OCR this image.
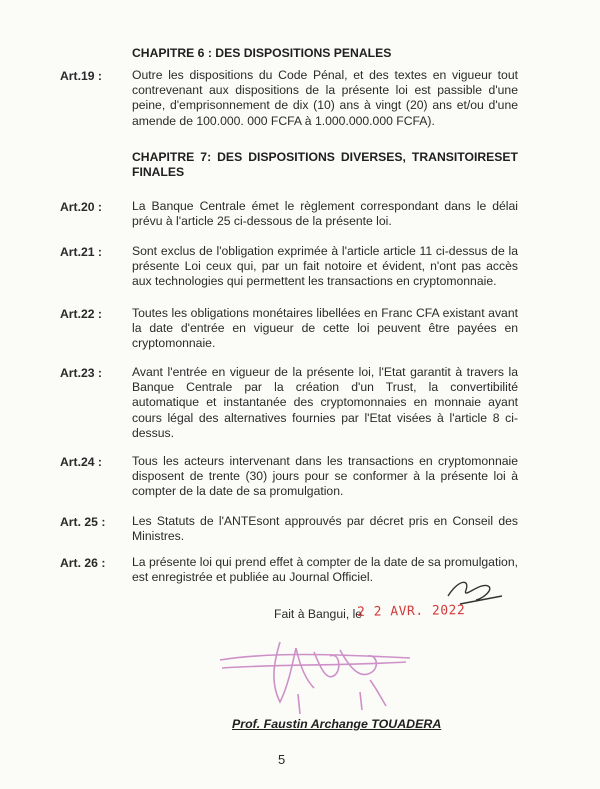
CHAPITRE 6 : DES DISPOSITIONS PENALES
Art.19 :	Outre les dispositions du Code Pénal, et des textes en vigueur tout contrevenant aux dispositions de la présente loi est passible d'une peine, d'emprisonnement de dix (10) ans à vingt (20) ans et/ou d'une amende de 100.000. 000 FCFA à 1.000.000.000 FCFA).
CHAPITRE 7: DES DISPOSITIONS DIVERSES, TRANSITOIRESET FINALES
Art.20 :	La Banque Centrale émet le règlement correspondant dans le délai prévu à l'article 25 ci-dessous de la présente loi.
Art.21 :	Sont exclus de l'obligation exprimée à l'article article 11 ci-dessus de la présente Loi ceux qui, par un fait notoire et évident, n'ont pas accès aux technologies qui permettent les transactions en cryptomonnaie.
Art.22 :	Toutes les obligations monétaires libellées en Franc CFA existant avant la date d'entrée en vigueur de cette loi peuvent être payées en cryptomonnaie.
Art.23 :	Avant l'entrée en vigueur de la présente loi, l'Etat garantit à travers la Banque Centrale par la création d'un Trust, la convertibilité automatique et instantanée des cryptomonnaies en monnaie ayant cours légal des alternatives fournies par l'Etat visées à l'article 8 ci-dessus.
Art.24 :	Tous les acteurs intervenant dans les transactions en cryptomonnaie disposent de trente (30) jours pour se conformer à la présente loi à compter de la date de sa promulgation.
Art. 25 :	Les Statuts de l'ANTEsont approuvés par décret pris en Conseil des Ministres.
Art. 26 :	La présente loi qui prend effet à compter de la date de sa promulgation, est enregistrée et publiée au Journal Officiel.
Fait à Bangui, le
2 2 AVR. 2022
Prof. Faustin Archange TOUADERA
5
